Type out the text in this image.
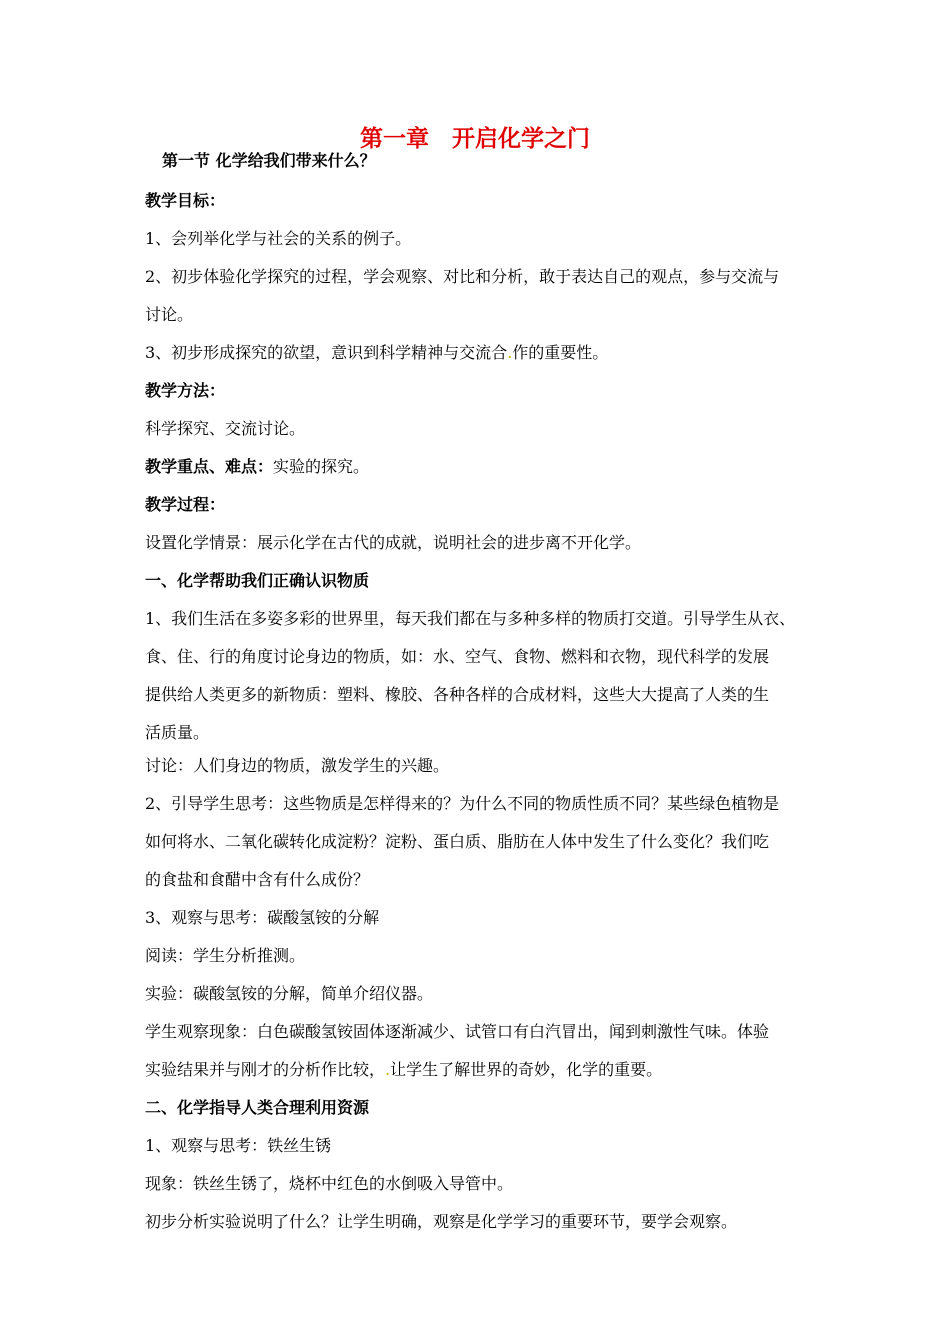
第一章　开启化学之门
第一节 化学给我们带来什么？
教学目标：
1、会列举化学与社会的关系的例子。
2、初步体验化学探究的过程，学会观察、对比和分析，敢于表达自己的观点，参与交流与
讨论。
3、初步形成探究的欲望，意识到科学精神与交流合.作的重要性。
教学方法：
科学探究、交流讨论。
教学重点、难点：实验的探究。
教学过程：
设置化学情景：展示化学在古代的成就，说明社会的进步离不开化学。
一、化学帮助我们正确认识物质
1、我们生活在多姿多彩的世界里，每天我们都在与多种多样的物质打交道。引导学生从衣、
食、住、行的角度讨论身边的物质，如：水、空气、食物、燃料和衣物，现代科学的发展
提供给人类更多的新物质：塑料、橡胶、各种各样的合成材料，这些大大提高了人类的生
活质量。
讨论：人们身边的物质，激发学生的兴趣。
2、引导学生思考：这些物质是怎样得来的？为什么不同的物质性质不同？某些绿色植物是
如何将水、二氧化碳转化成淀粉？淀粉、蛋白质、脂肪在人体中发生了什么变化？我们吃
的食盐和食醋中含有什么成份？
3、观察与思考：碳酸氢铵的分解
阅读：学生分析推测。
实验：碳酸氢铵的分解，简单介绍仪器。
学生观察现象：白色碳酸氢铵固体逐渐减少、试管口有白汽冒出，闻到刺激性气味。体验
实验结果并与刚才的分析作比较，.让学生了解世界的奇妙，化学的重要。
二、化学指导人类合理利用资源
1、观察与思考：铁丝生锈
现象：铁丝生锈了，烧杯中红色的水倒吸入导管中。
初步分析实验说明了什么？让学生明确，观察是化学学习的重要环节，要学会观察。
